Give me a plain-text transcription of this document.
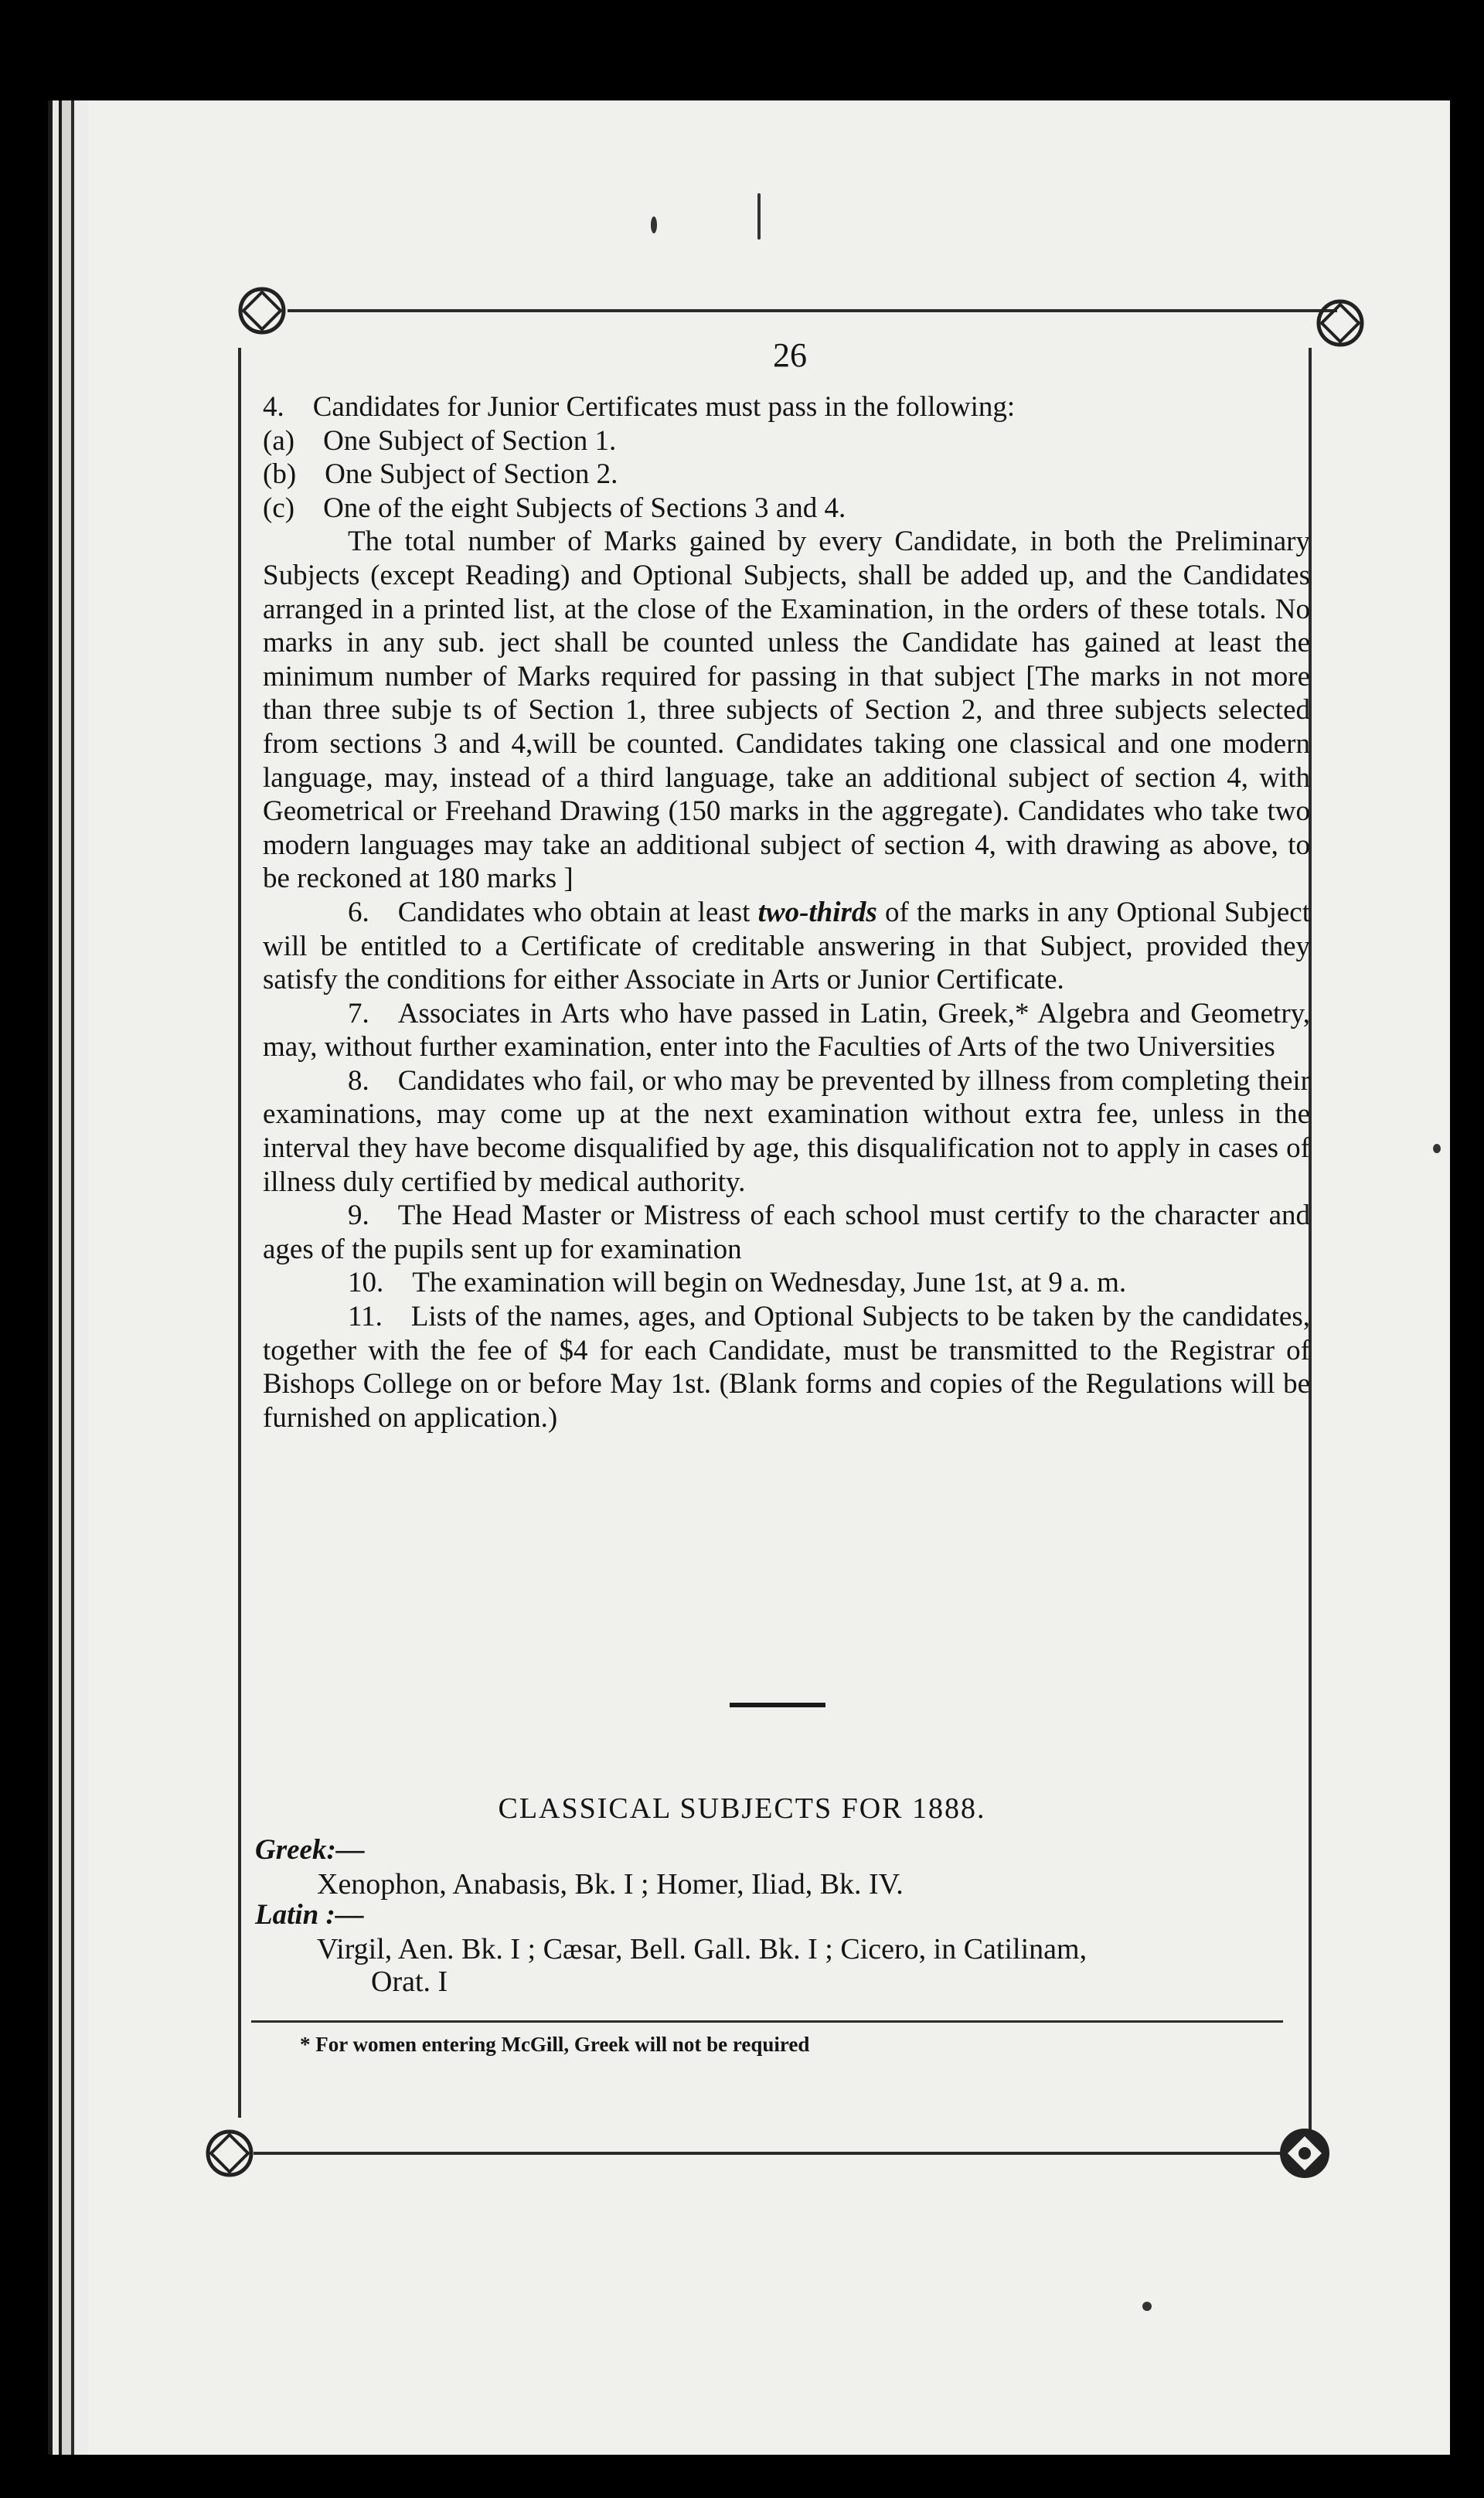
26

4. Candidates for Junior Certificates must pass in the following:

(a) One Subject of Section 1.

(b) One Subject of Section 2.

(c) One of the eight Subjects of Sections 3 and 4.

The total number of Marks gained by every Candidate, in both the Preliminary Subjects (except Reading) and Optional Subjects, shall be added up, and the Candidates arranged in a printed list, at the close of the Examination, in the orders of these totals. No marks in any sub. ject shall be counted unless the Candidate has gained at least the minimum number of Marks required for passing in that subject [The marks in not more than three subje ts of Section 1, three subjects of Section 2, and three subjects selected from sections 3 and 4,will be counted. Candidates taking one classical and one modern language, may, instead of a third language, take an additional subject of section 4, with Geometrical or Freehand Drawing (150 marks in the aggregate). Candidates who take two modern languages may take an additional subject of section 4, with drawing as above, to be reckoned at 180 marks ]

6. Candidates who obtain at least two-thirds of the marks in any Optional Subject will be entitled to a Certificate of creditable answering in that Subject, provided they satisfy the conditions for either Associate in Arts or Junior Certificate.

7. Associates in Arts who have passed in Latin, Greek,* Algebra and Geometry, may, without further examination, enter into the Faculties of Arts of the two Universities

8. Candidates who fail, or who may be prevented by illness from completing their examinations, may come up at the next examination without extra fee, unless in the interval they have become disqualified by age, this disqualification not to apply in cases of illness duly certified by medical authority.

9. The Head Master or Mistress of each school must certify to the character and ages of the pupils sent up for examination

10. The examination will begin on Wednesday, June 1st, at 9 a. m.

11. Lists of the names, ages, and Optional Subjects to be taken by the candidates, together with the fee of $4 for each Candidate, must be transmitted to the Registrar of Bishops College on or before May 1st. (Blank forms and copies of the Regulations will be furnished on application.)

CLASSICAL SUBJECTS FOR 1888.
Greek:—
Xenophon, Anabasis, Bk. I ; Homer, Iliad, Bk. IV.
Latin :—
Virgil, Aen. Bk. I ; Cæsar, Bell. Gall. Bk. I ; Cicero, in Catilinam,
Orat. I
* For women entering McGill, Greek will not be required
